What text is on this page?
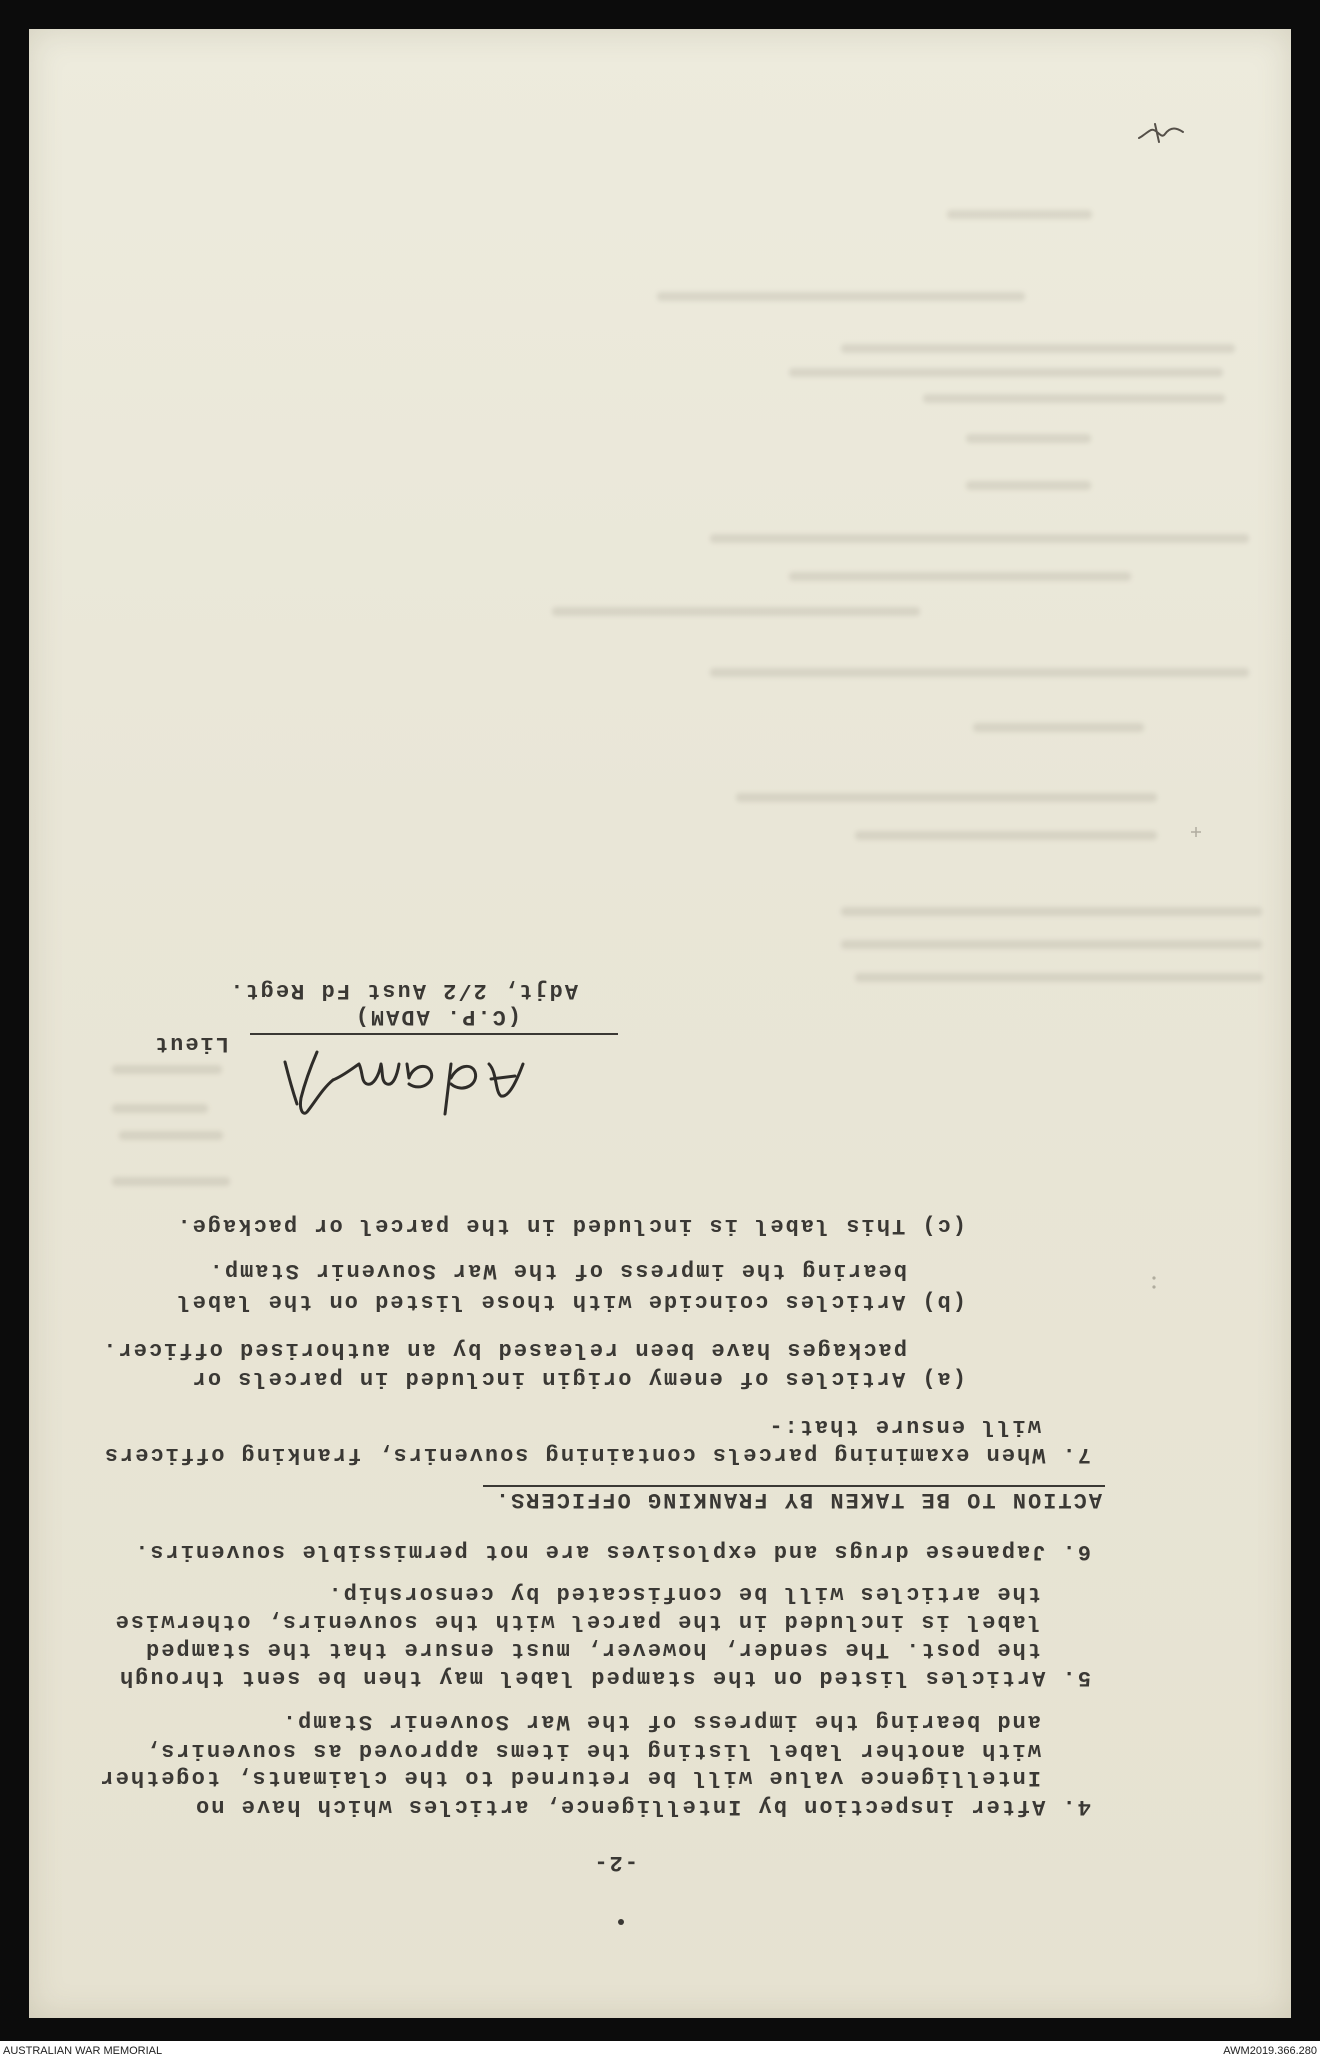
-2-
4. After inspection by Intelligence, articles which have no
Intelligence value will be returned to the claimants, together
with another label listing the items approved as souvenirs,
and bearing the impress of the War Souvenir Stamp.
5. Articles listed on the stamped label may then be sent through
the post. The sender, however, must ensure that the stamped
label is included in the parcel with the souvenirs, otherwise
the articles will be confiscated by censorship.
6. Japanese drugs and explosives are not permissible souvenirs.
ACTION TO BE TAKEN BY FRANKING OFFICERS.
7. When examining parcels containing souvenirs, franking officers
will ensure that:-
(a) Articles of enemy origin included in parcels or
packages have been released by an authorised officer.
(b) Articles coincide with those listed on the label
bearing the impress of the War Souvenir Stamp.
(c) This label is included in the parcel or package.
Lieut
(C.P. ADAM)
Adjt, 2/2 Aust Fd Regt.
AUSTRALIAN WAR MEMORIAL	AWM2019.366.280
